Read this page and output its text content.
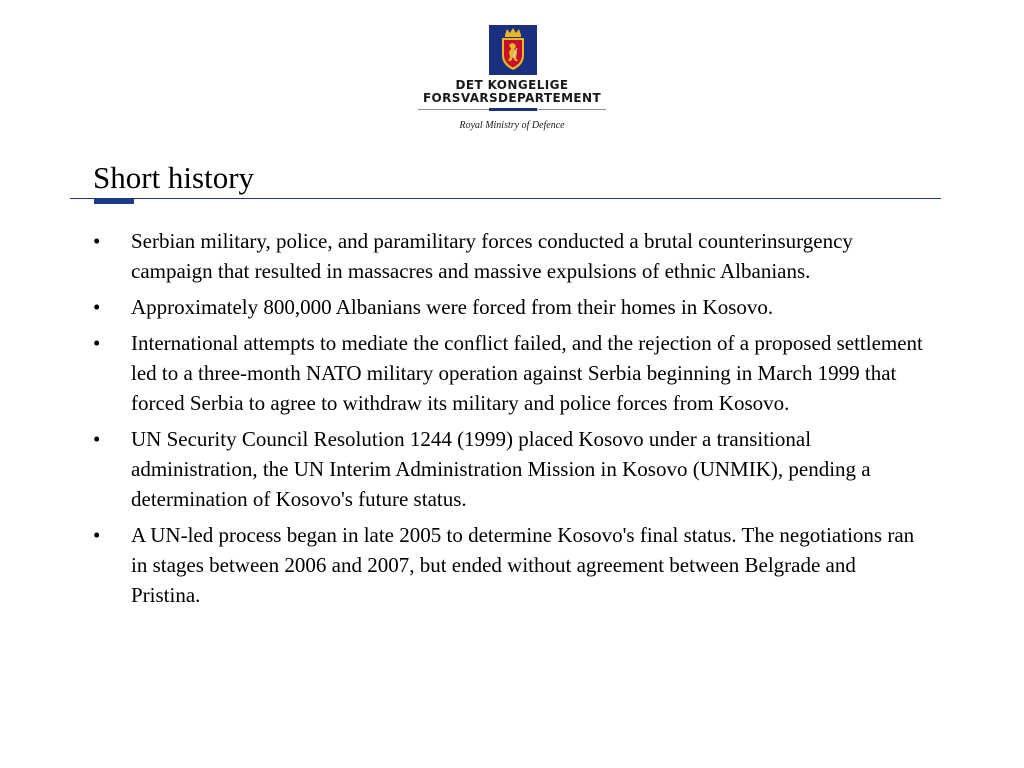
DET KONGELIGE
FORSVARSDEPARTEMENT
Royal Ministry of Defence
Short history
•	Serbian military, police, and paramilitary forces conducted a brutal counterinsurgency campaign that resulted in massacres and massive expulsions of ethnic Albanians.
•	Approximately 800,000 Albanians were forced from their homes in Kosovo.
•	International attempts to mediate the conflict failed, and the rejection of a proposed settlement led to a three-month NATO military operation against Serbia beginning in March 1999 that forced Serbia to agree to withdraw its military and police forces from Kosovo.
•	UN Security Council Resolution 1244 (1999) placed Kosovo under a transitional administration, the UN Interim Administration Mission in Kosovo (UNMIK), pending a determination of Kosovo's future status.
•	A UN-led process began in late 2005 to determine Kosovo's final status. The negotiations ran in stages between 2006 and 2007, but ended without agreement between Belgrade and Pristina.
